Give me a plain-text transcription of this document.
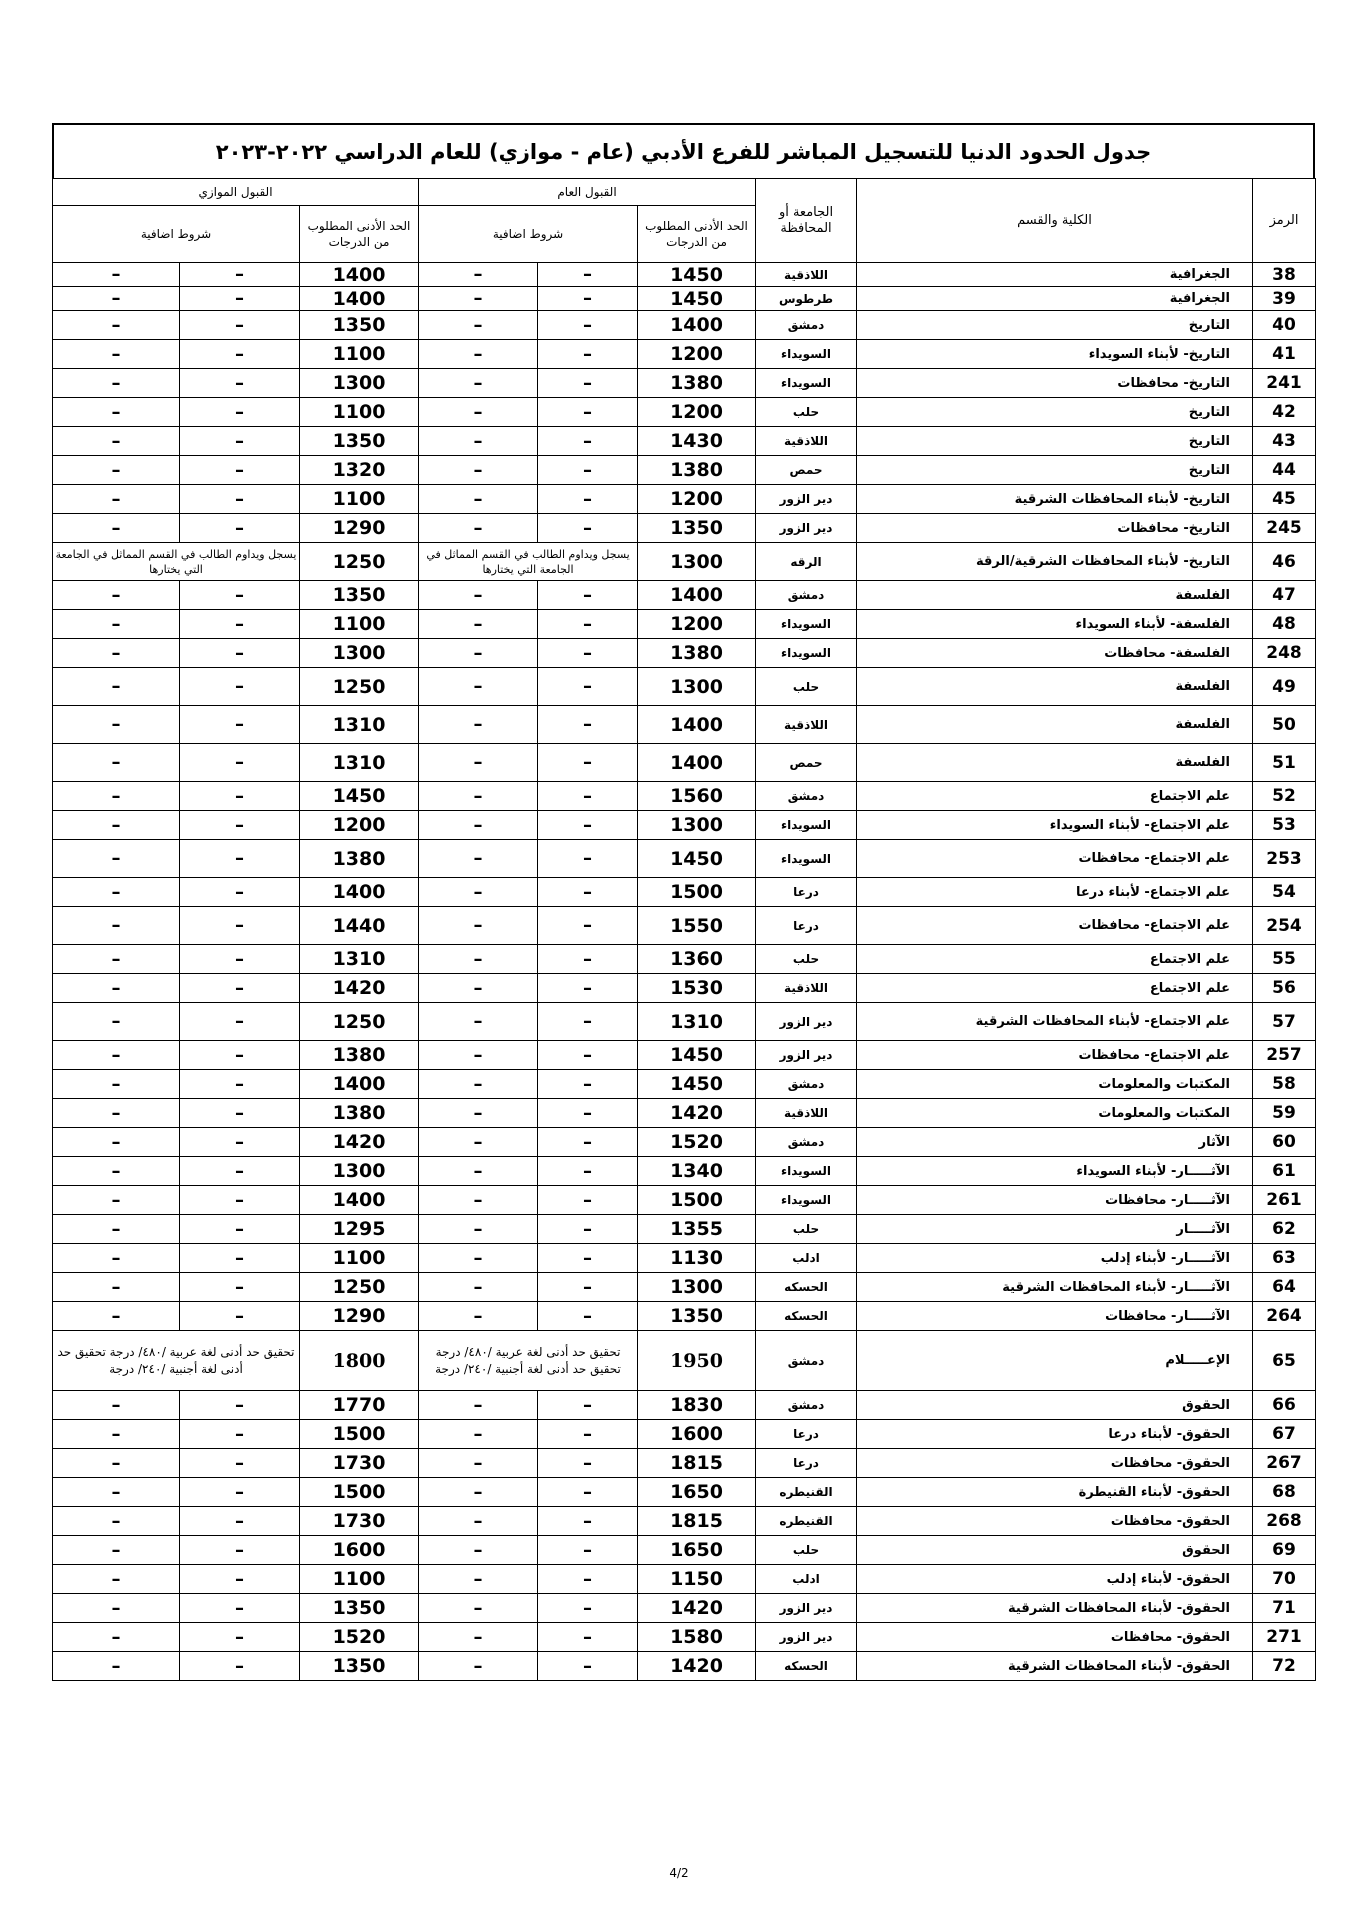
جدول الحدود الدنيا للتسجيل المباشر للفرع الأدبي (عام - موازي) للعام الدراسي ٢٠٢٢-٢٠٢٣
الرمز	الكلية والقسم	الجامعة أو المحافظة	القبول العام			القبول الموازي		
			الحد الأدنى المطلوب من الدرجات	شروط اضافية		الحد الأدنى المطلوب من الدرجات	شروط اضافية	
38	الجغرافية	اللاذقية	1450	–	–	1400	–	–
39	الجغرافية	طرطوس	1450	–	–	1400	–	–
40	التاريخ	دمشق	1400	–	–	1350	–	–
41	التاريخ- لأبناء السويداء	السويداء	1200	–	–	1100	–	–
241	التاريخ- محافظات	السويداء	1380	–	–	1300	–	–
42	التاريخ	حلب	1200	–	–	1100	–	–
43	التاريخ	اللاذقية	1430	–	–	1350	–	–
44	التاريخ	حمص	1380	–	–	1320	–	–
45	التاريخ- لأبناء المحافظات الشرقية	دير الزور	1200	–	–	1100	–	–
245	التاريخ- محافظات	دير الزور	1350	–	–	1290	–	–
46	التاريخ- لأبناء المحافظات الشرقية/الرقة	الرقه	1300	يسجل ويداوم الطالب في القسم المماثل في الجامعة التي يختارها		1250	يسجل ويداوم الطالب في القسم المماثل في الجامعة التي يختارها	
47	الفلسفة	دمشق	1400	–	–	1350	–	–
48	الفلسفة- لأبناء السويداء	السويداء	1200	–	–	1100	–	–
248	الفلسفة- محافظات	السويداء	1380	–	–	1300	–	–
49	الفلسفة	حلب	1300	–	–	1250	–	–
50	الفلسفة	اللاذقية	1400	–	–	1310	–	–
51	الفلسفة	حمص	1400	–	–	1310	–	–
52	علم الاجتماع	دمشق	1560	–	–	1450	–	–
53	علم الاجتماع- لأبناء السويداء	السويداء	1300	–	–	1200	–	–
253	علم الاجتماع- محافظات	السويداء	1450	–	–	1380	–	–
54	علم الاجتماع- لأبناء درعا	درعا	1500	–	–	1400	–	–
254	علم الاجتماع- محافظات	درعا	1550	–	–	1440	–	–
55	علم الاجتماع	حلب	1360	–	–	1310	–	–
56	علم الاجتماع	اللاذقية	1530	–	–	1420	–	–
57	علم الاجتماع- لأبناء المحافظات الشرقية	دير الزور	1310	–	–	1250	–	–
257	علم الاجتماع- محافظات	دير الزور	1450	–	–	1380	–	–
58	المكتبات والمعلومات	دمشق	1450	–	–	1400	–	–
59	المكتبات والمعلومات	اللاذقية	1420	–	–	1380	–	–
60	الآثار	دمشق	1520	–	–	1420	–	–
61	الآثـــــار- لأبناء السويداء	السويداء	1340	–	–	1300	–	–
261	الآثـــــار- محافظات	السويداء	1500	–	–	1400	–	–
62	الآثـــــار	حلب	1355	–	–	1295	–	–
63	الآثـــــار- لأبناء إدلب	ادلب	1130	–	–	1100	–	–
64	الآثـــــار- لأبناء المحافظات الشرقية	الحسكه	1300	–	–	1250	–	–
264	الآثـــــار- محافظات	الحسكه	1350	–	–	1290	–	–
65	الإعـــــلام	دمشق	1950	تحقيق حد أدنى لغة عربية /٤٨٠/ درجة تحقيق حد أدنى لغة أجنبية /٢٤٠/ درجة		1800	تحقيق حد أدنى لغة عربية /٤٨٠/ درجة تحقيق حد أدنى لغة أجنبية /٢٤٠/ درجة	
66	الحقوق	دمشق	1830	–	–	1770	–	–
67	الحقوق- لأبناء درعا	درعا	1600	–	–	1500	–	–
267	الحقوق- محافظات	درعا	1815	–	–	1730	–	–
68	الحقوق- لأبناء القنيطرة	القنيطره	1650	–	–	1500	–	–
268	الحقوق- محافظات	القنيطره	1815	–	–	1730	–	–
69	الحقوق	حلب	1650	–	–	1600	–	–
70	الحقوق- لأبناء إدلب	ادلب	1150	–	–	1100	–	–
71	الحقوق- لأبناء المحافظات الشرقية	دير الزور	1420	–	–	1350	–	–
271	الحقوق- محافظات	دير الزور	1580	–	–	1520	–	–
72	الحقوق- لأبناء المحافظات الشرقية	الحسكه	1420	–	–	1350	–	–
4/2
